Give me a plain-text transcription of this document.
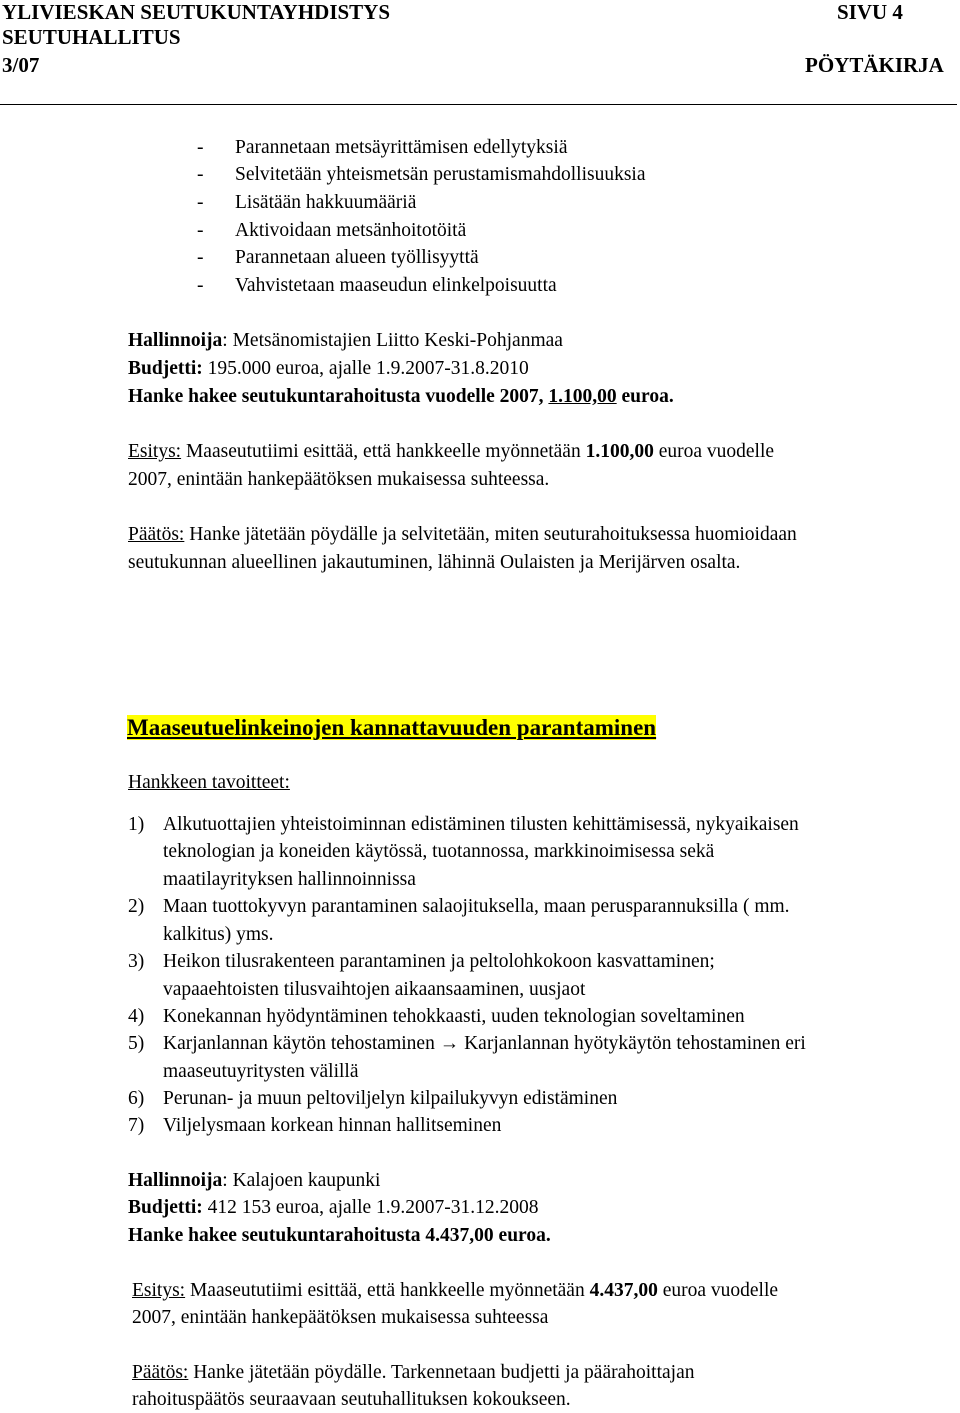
YLIVIESKAN SEUTUKUNTAYHDISTYS	SIVU 4
SEUTUHALLITUS
3/07	PÖYTÄKIRJA
- Parannetaan metsäyrittämisen edellytyksiä
- Selvitetään yhteismetsän perustamismahdollisuuksia
- Lisätään hakkuumääriä
- Aktivoidaan metsänhoitotöitä
- Parannetaan alueen työllisyyttä
- Vahvistetaan maaseudun elinkelpoisuutta
Hallinnoija: Metsänomistajien Liitto Keski-Pohjanmaa
Budjetti: 195.000 euroa, ajalle 1.9.2007-31.8.2010
Hanke hakee seutukuntarahoitusta vuodelle 2007, 1.100,00 euroa.
Esitys: Maaseututiimi esittää, että hankkeelle myönnetään 1.100,00 euroa vuodelle
2007, enintään hankepäätöksen mukaisessa suhteessa.
Päätös: Hanke jätetään pöydälle ja selvitetään, miten seuturahoituksessa huomioidaan
seutukunnan alueellinen jakautuminen, lähinnä Oulaisten ja Merijärven osalta.
Maaseutuelinkeinojen kannattavuuden parantaminen
Hankkeen tavoitteet:
1) Alkutuottajien yhteistoiminnan edistäminen tilusten kehittämisessä, nykyaikaisen
teknologian ja koneiden käytössä, tuotannossa, markkinoimisessa sekä
maatilayrityksen hallinnoinnissa
2) Maan tuottokyvyn parantaminen salaojituksella, maan perusparannuksilla ( mm.
kalkitus) yms.
3) Heikon tilusrakenteen parantaminen ja peltolohkokoon kasvattaminen;
vapaaehtoisten tilusvaihtojen aikaansaaminen, uusjaot
4) Konekannan hyödyntäminen tehokkaasti, uuden teknologian soveltaminen
5) Karjanlannan käytön tehostaminen → Karjanlannan hyötykäytön tehostaminen eri
maaseutuyritysten välillä
6) Perunan- ja muun peltoviljelyn kilpailukyvyn edistäminen
7) Viljelysmaan korkean hinnan hallitseminen
Hallinnoija: Kalajoen kaupunki
Budjetti: 412 153 euroa, ajalle 1.9.2007-31.12.2008
Hanke hakee seutukuntarahoitusta 4.437,00 euroa.
Esitys: Maaseututiimi esittää, että hankkeelle myönnetään 4.437,00 euroa vuodelle
2007, enintään hankepäätöksen mukaisessa suhteessa
Päätös: Hanke jätetään pöydälle. Tarkennetaan budjetti ja päärahoittajan
rahoituspäätös seuraavaan seutuhallituksen kokoukseen.
